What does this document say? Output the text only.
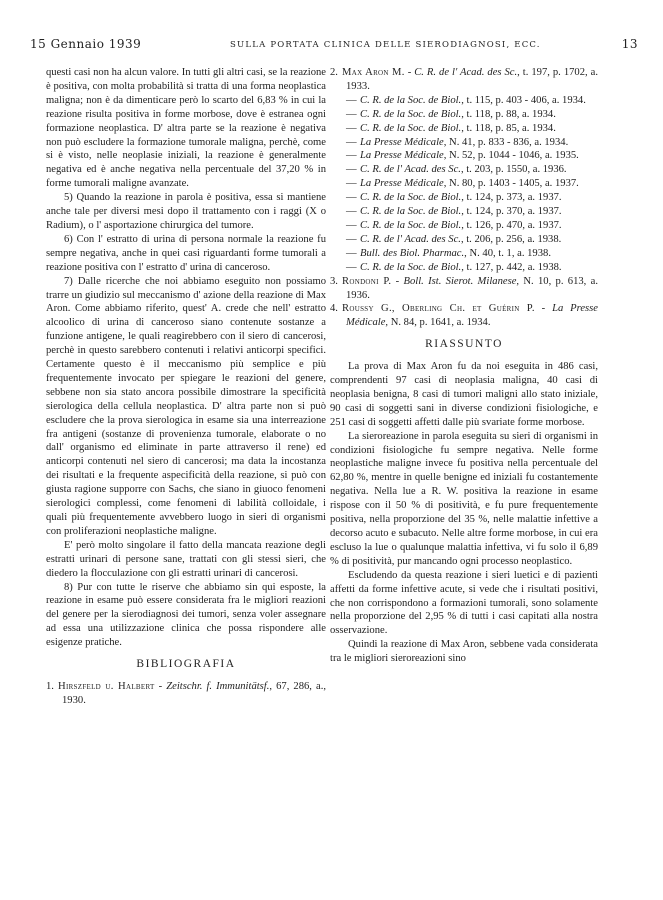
15 Gennaio 1939	SULLA PORTATA CLINICA DELLE SIERODIAGNOSI, ECC.	13

questi casi non ha alcun valore. In tutti gli altri casi, se la reazione è positiva, con molta probabilità si tratta di una forma neoplastica maligna; non è da dimenticare però lo scarto del 6,83 % in cui la reazione risulta positiva in forme morbose, dove è estranea ogni formazione neoplastica. D' altra parte se la reazione è negativa non può escludere la formazione tumorale maligna, perchè, come si è visto, nelle neoplasie iniziali, la reazione è generalmente negativa ed è anche negativa nella percentuale del 37,20 % in forme tumorali maligne avanzate.

5) Quando la reazione in parola è positiva, essa si mantiene anche tale per diversi mesi dopo il trattamento con i raggi (X o Radium), o l' asportazione chirurgica del tumore.

6) Con l' estratto di urina di persona normale la reazione fu sempre negativa, anche in quei casi riguardanti forme tumorali a reazione positiva con l' estratto d' urina di canceroso.

7) Dalle ricerche che noi abbiamo eseguito non possiamo trarre un giudizio sul meccanismo d' azione della reazione di Max Aron. Come abbiamo riferito, quest' A. crede che nell' estratto alcoolico di urina di canceroso siano contenute sostanze a funzione antigene, le quali reagirebbero con il siero di cancerosi, perchè in questo sarebbero contenuti i relativi anticorpi specifici. Certamente questo è il meccanismo più semplice e più frequentemente invocato per spiegare le reazioni del genere, sebbene non sia stato ancora possibile dimostrare la specificità sierologica della cellula neoplastica. D' altra parte non si può escludere che la prova sierologica in esame sia una interreazione fra antigeni (sostanze di provenienza tumorale, elaborate o no dall' organismo ed eliminate in parte attraverso il rene) ed anticorpi contenuti nel siero di cancerosi; ma data la incostanza dei risultati e la frequente aspecificità della reazione, si può con giusta ragione supporre con Sachs, che siano in giuoco fenomeni sierologici complessi, come fenomeni di labilità colloidale, i quali più frequentemente avvebbero luogo in sieri di organismi con proliferazioni neoplastiche maligne.

E' però molto singolare il fatto della mancata reazione degli estratti urinari di persone sane, trattati con gli stessi sieri, che diedero la flocculazione con gli estratti urinari di cancerosi.

8) Pur con tutte le riserve che abbiamo sin qui esposte, la reazione in esame può essere considerata fra le migliori reazioni del genere per la sierodiagnosi dei tumori, senza voler assegnare ad essa una utilizzazione clinica che possa rispondere alle esigenze pratiche.

BIBLIOGRAFIA

1. Hirszfeld u. Halbert - Zeitschr. f. Immunitätsf., 67, 286, a., 1930.

2. Max Aron M. - C. R. de l' Acad. des Sc., t. 197, p. 1702, a. 1933.

— C. R. de la Soc. de Biol., t. 115, p. 403 - 406, a. 1934.

— C. R. de la Soc. de Biol., t. 118, p. 88, a. 1934.

— C. R. de la Soc. de Biol., t. 118, p. 85, a. 1934.

— La Presse Médicale, N. 41, p. 833 - 836, a. 1934.

— La Presse Médicale, N. 52, p. 1044 - 1046, a. 1935.

— C. R. de l' Acad. des Sc., t. 203, p. 1550, a. 1936.

— La Presse Médicale, N. 80, p. 1403 - 1405, a. 1937.

— C. R. de la Soc. de Biol., t. 124, p. 373, a. 1937.

— C. R. de la Soc. de Biol., t. 124, p. 370, a. 1937.

— C. R. de la Soc. de Biol., t. 126, p. 470, a. 1937.

— C. R. de l' Acad. des Sc., t. 206, p. 256, a. 1938.

— Bull. des Biol. Pharmac., N. 40, t. 1, a. 1938.

— C. R. de la Soc. de Biol., t. 127, p. 442, a. 1938.

3. Rondoni P. - Boll. Ist. Sierot. Milanese, N. 10, p. 613, a. 1936.

4. Roussy G., Oberling Ch. et Guérin P. - La Presse Médicale, N. 84, p. 1641, a. 1934.

RIASSUNTO

La prova di Max Aron fu da noi eseguita in 486 casi, comprendenti 97 casi di neoplasia maligna, 40 casi di neoplasia benigna, 8 casi di tumori maligni allo stato iniziale, 90 casi di soggetti sani in diverse condizioni fisiologiche, e 251 casi di soggetti affetti dalle più svariate forme morbose.

La sieroreazione in parola eseguita su sieri di organismi in condizioni fisiologiche fu sempre negativa. Nelle forme neoplastiche maligne invece fu positiva nella percentuale del 62,80 %, mentre in quelle benigne ed iniziali fu costantemente negativa. Nella lue a R. W. positiva la reazione in esame rispose con il 50 % di positività, e fu pure frequentemente positiva, nella proporzione del 35 %, nelle malattie infettive a decorso acuto e subacuto. Nelle altre forme morbose, in cui era escluso la lue o qualunque malattia infettiva, vi fu solo il 6,89 % di positività, pur mancando ogni processo neoplastico.

Escludendo da questa reazione i sieri luetici e di pazienti affetti da forme infettive acute, si vede che i risultati positivi, che non corrispondono a formazioni tumorali, sono solamente nella proporzione del 2,95 % di tutti i casi capitati alla nostra osservazione.

Quindi la reazione di Max Aron, sebbene vada considerata tra le migliori sieroreazioni sino
